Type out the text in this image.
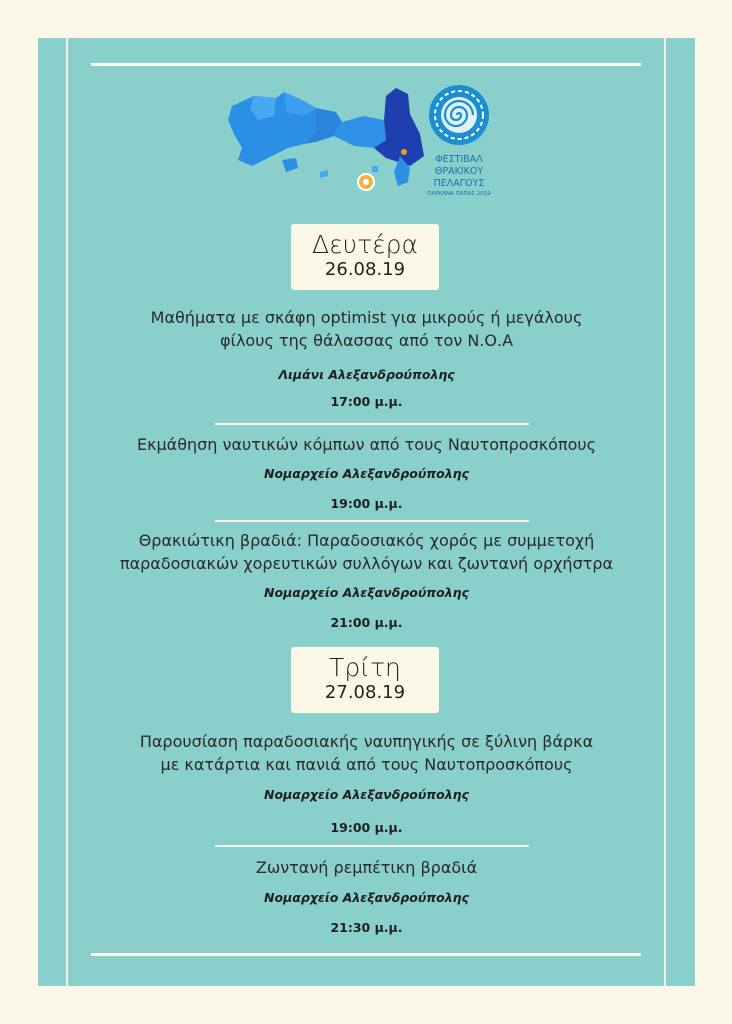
ΦΕΣΤΙΒΑΛ
ΘΡΑΚΙΚΟΥ
ΠΕΛΑΓΟΥΣ
ΠΑΡΚΑΝΑ ΠΑΠΑΣ 2019
Δευτέρα
26.08.19
Μαθήματα με σκάφη optimist για μικρούς ή μεγάλους
φίλους της θάλασσας από τον Ν.Ο.Α
Λιμάνι Αλεξανδρούπολης
17:00 μ.μ.
Εκμάθηση ναυτικών κόμπων από τους Ναυτοπροσκόπους
Νομαρχείο Αλεξανδρούπολης
19:00 μ.μ.
Θρακιώτικη βραδιά: Παραδοσιακός χορός με συμμετοχή
παραδοσιακών χορευτικών συλλόγων και ζωντανή ορχήστρα
Νομαρχείο Αλεξανδρούπολης
21:00 μ.μ.
Τρίτη
27.08.19
Παρουσίαση παραδοσιακής ναυπηγικής σε ξύλινη βάρκα
με κατάρτια και πανιά από τους Ναυτοπροσκόπους
Νομαρχείο Αλεξανδρούπολης
19:00 μ.μ.
Ζωντανή ρεμπέτικη βραδιά
Νομαρχείο Αλεξανδρούπολης
21:30 μ.μ.
